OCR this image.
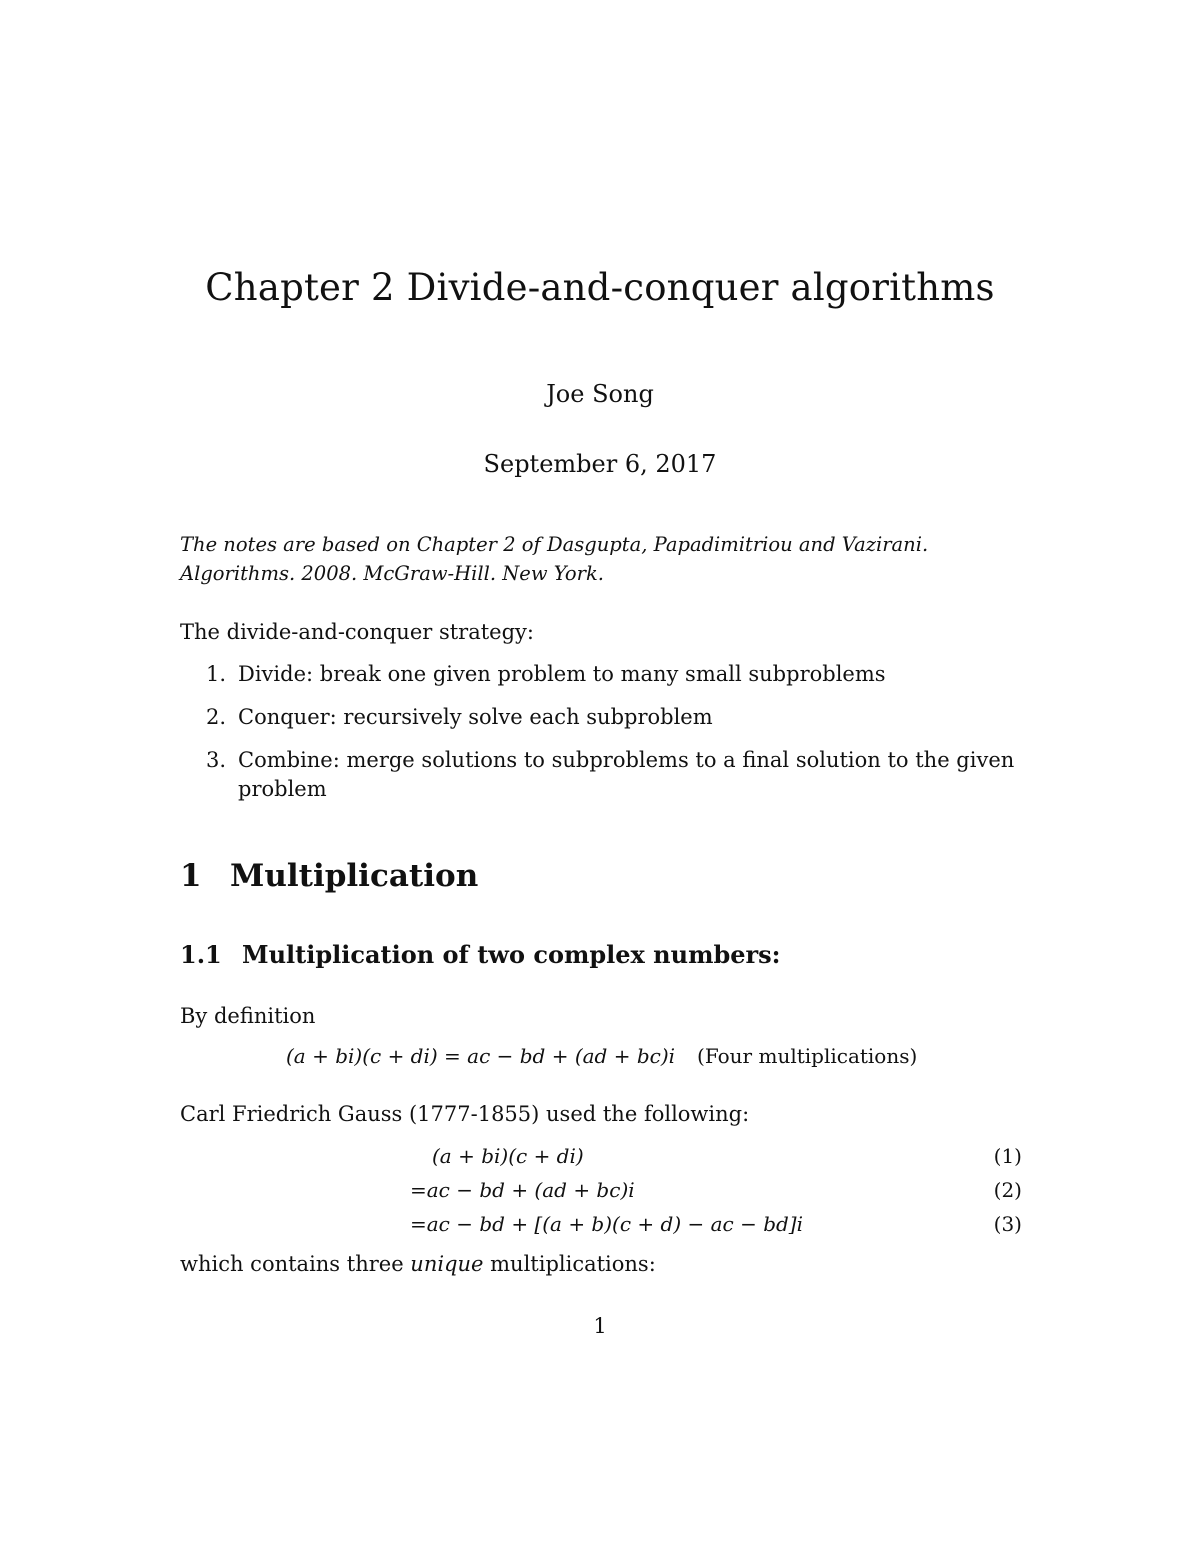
Chapter 2 Divide-and-conquer algorithms
Joe Song
September 6, 2017
The notes are based on Chapter 2 of Dasgupta, Papadimitriou and Vazirani. Algorithms. 2008. McGraw-Hill. New York.
The divide-and-conquer strategy:
1. Divide: break one given problem to many small subproblems
2. Conquer: recursively solve each subproblem
3. Combine: merge solutions to subproblems to a final solution to the given problem
1 Multiplication
1.1 Multiplication of two complex numbers:
By definition
(a + bi)(c + di) = ac − bd + (ad + bc)i (Four multiplications)
Carl Friedrich Gauss (1777-1855) used the following:
(a + bi)(c + di)	(1)
=ac − bd + (ad + bc)i	(2)
=ac − bd + [(a + b)(c + d) − ac − bd]i	(3)
which contains three unique multiplications:
1
